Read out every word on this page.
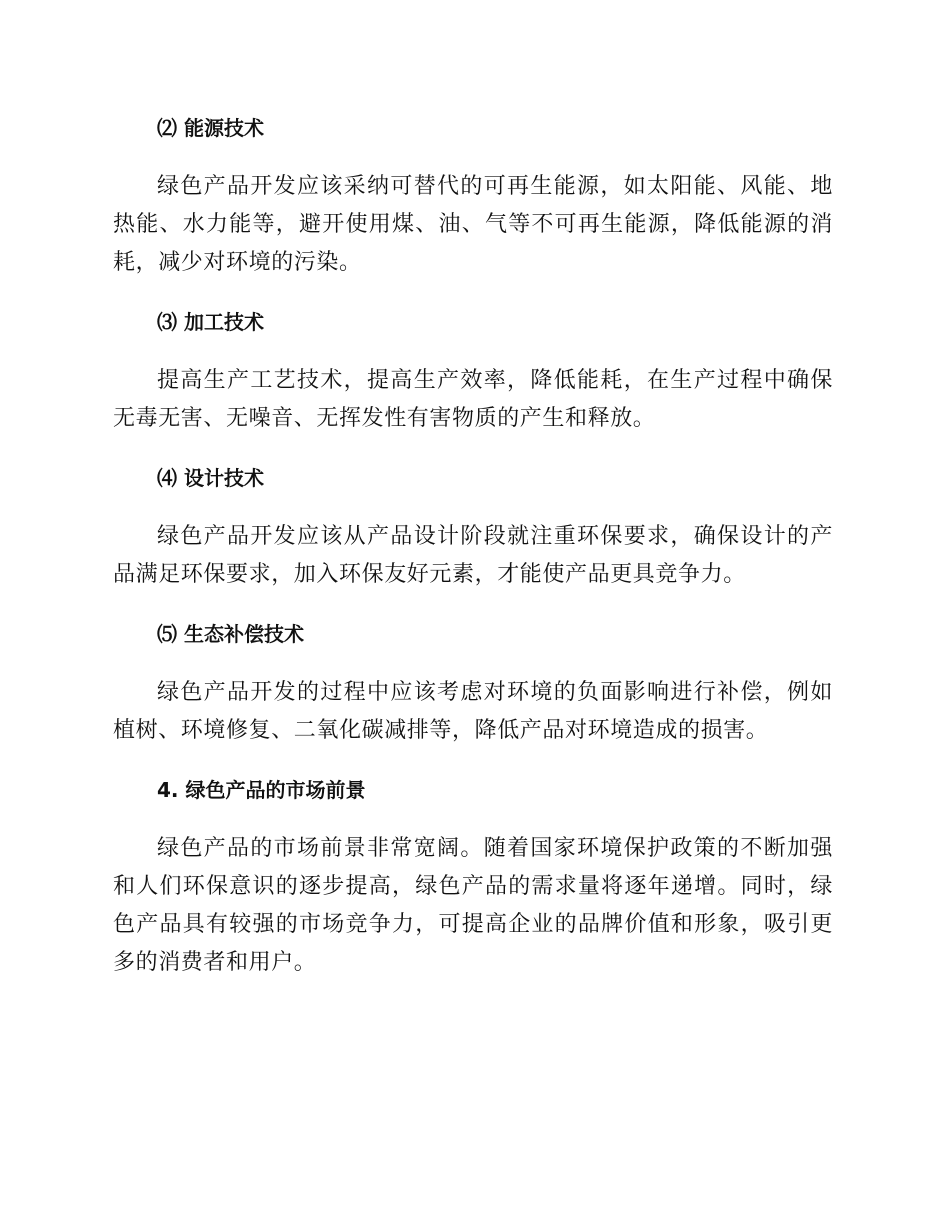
⑵ 能源技术

绿色产品开发应该采纳可替代的可再生能源，如太阳能、风能、地热能、水力能等，避开使用煤、油、气等不可再生能源，降低能源的消耗，减少对环境的污染。

⑶ 加工技术

提高生产工艺技术，提高生产效率，降低能耗，在生产过程中确保无毒无害、无噪音、无挥发性有害物质的产生和释放。

⑷ 设计技术

绿色产品开发应该从产品设计阶段就注重环保要求，确保设计的产品满足环保要求，加入环保友好元素，才能使产品更具竞争力。

⑸ 生态补偿技术

绿色产品开发的过程中应该考虑对环境的负面影响进行补偿，例如植树、环境修复、二氧化碳减排等，降低产品对环境造成的损害。

4. 绿色产品的市场前景

绿色产品的市场前景非常宽阔。随着国家环境保护政策的不断加强和人们环保意识的逐步提高，绿色产品的需求量将逐年递增。同时，绿色产品具有较强的市场竞争力，可提高企业的品牌价值和形象，吸引更多的消费者和用户。
